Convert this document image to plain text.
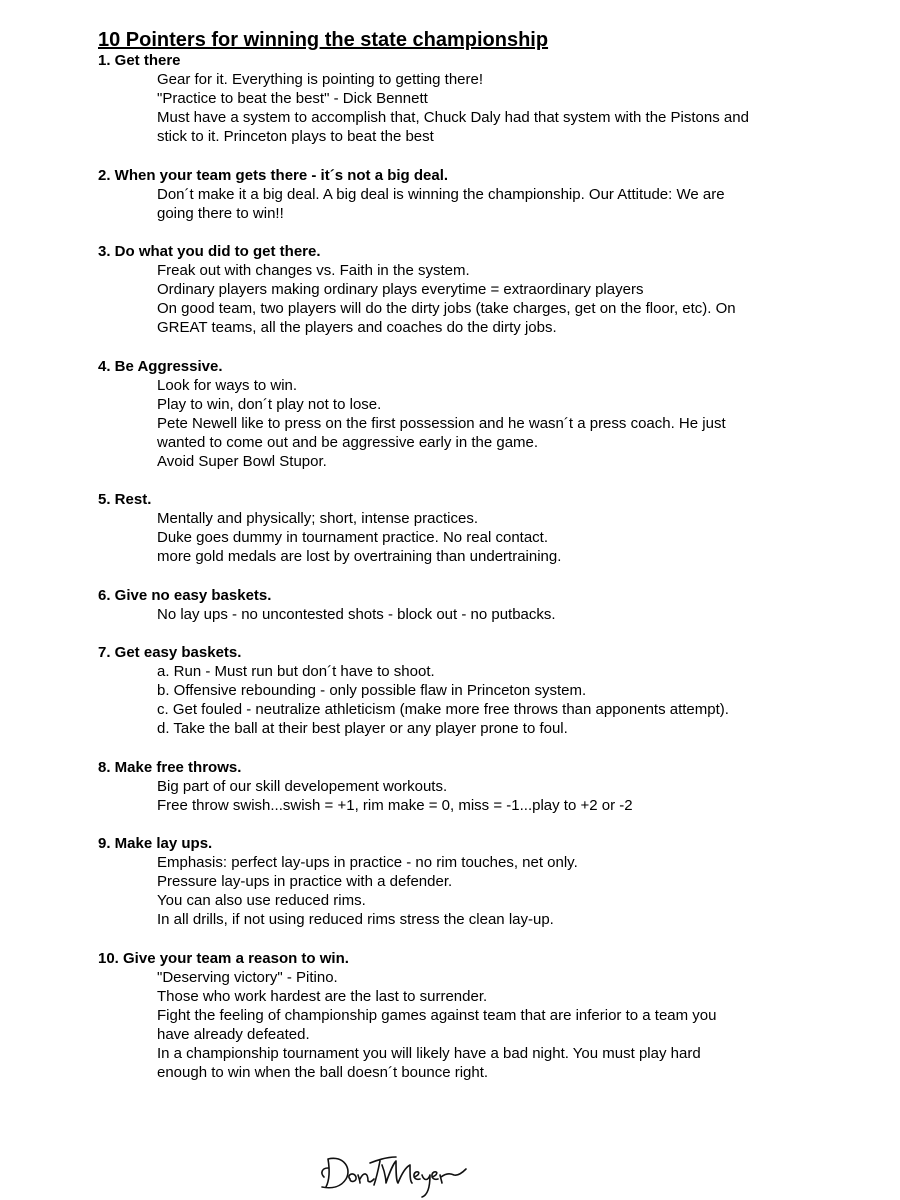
10 Pointers for winning the state championship
1. Get there
Gear for it. Everything is pointing to getting there!
"Practice to beat the best" - Dick Bennett
Must have a system to accomplish that, Chuck Daly had that system with the Pistons and
stick to it. Princeton plays to beat the best
2. When your team gets there - it´s not a big deal.
Don´t make it a big deal. A big deal is winning the championship. Our Attitude: We are
going there to win!!
3. Do what you did to get there.
Freak out with changes vs. Faith in the system.
Ordinary players making ordinary plays everytime = extraordinary players
On good team, two players will do the dirty jobs (take charges, get on the floor, etc). On
GREAT teams, all the players and coaches do the dirty jobs.
4. Be Aggressive.
Look for ways to win.
Play to win, don´t play not to lose.
Pete Newell like to press on the first possession and he wasn´t a press coach. He just
wanted to come out and be aggressive early in the game.
Avoid Super Bowl Stupor.
5. Rest.
Mentally and physically; short, intense practices.
Duke goes dummy in tournament practice. No real contact.
more gold medals are lost by overtraining than undertraining.
6. Give no easy baskets.
No lay ups - no uncontested shots - block out - no putbacks.
7. Get easy baskets.
a. Run - Must run but don´t have to shoot.
b. Offensive rebounding - only possible flaw in Princeton system.
c. Get fouled - neutralize athleticism (make more free throws than apponents attempt).
d. Take the ball at their best player or any player prone to foul.
8. Make free throws.
Big part of our skill developement workouts.
Free throw swish...swish = +1, rim make = 0, miss = -1...play to +2 or -2
9. Make lay ups.
Emphasis: perfect lay-ups in practice - no rim touches, net only.
Pressure lay-ups in practice with a defender.
You can also use reduced rims.
In all drills, if not using reduced rims stress the clean lay-up.
10. Give your team a reason to win.
"Deserving victory" - Pitino.
Those who work hardest are the last to surrender.
Fight the feeling of championship games against team that are inferior to a team you
have already defeated.
In a championship tournament you will likely have a bad night. You must play hard
enough to win when the ball doesn´t bounce right.
